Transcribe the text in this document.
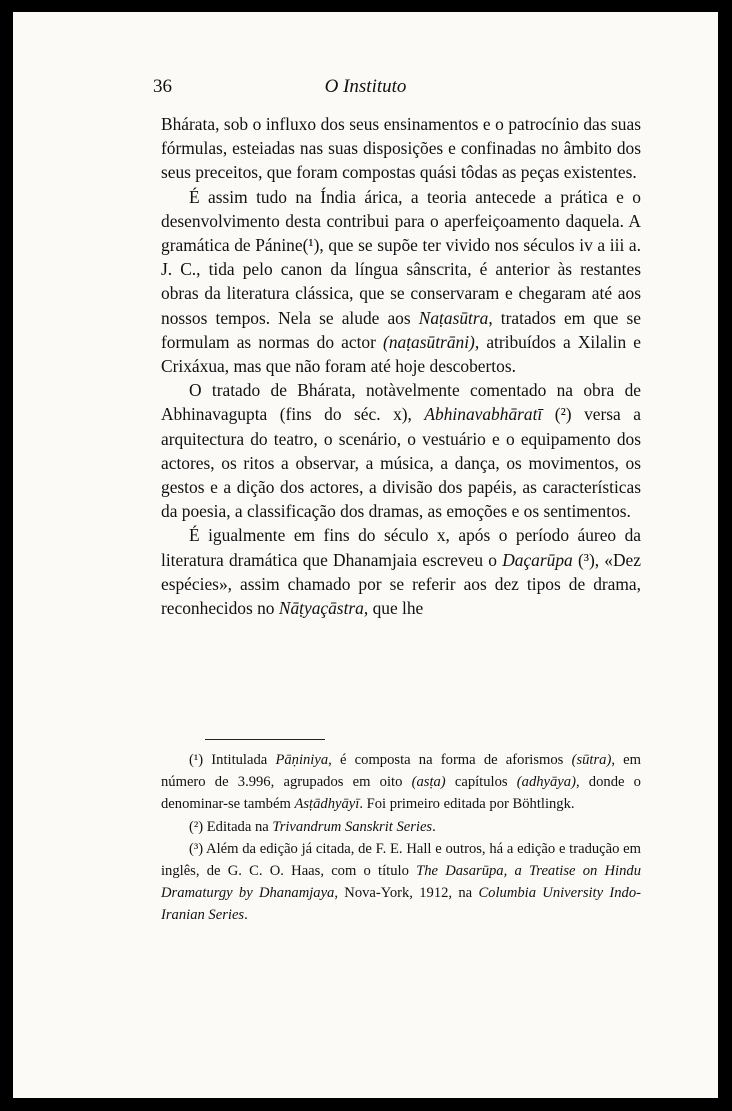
36	O Instituto

Bhárata, sob o influxo dos seus ensinamentos e o patrocínio das suas fórmulas, esteiadas nas suas disposições e confinadas no âmbito dos seus preceitos, que foram compostas quási tôdas as peças existentes.

É assim tudo na Índia árica, a teoria antecede a prática e o desenvolvimento desta contribui para o aperfeiçoamento daquela. A gramática de Pánine(¹), que se supõe ter vivido nos séculos iv a iii a. J. C., tida pelo canon da língua sânscrita, é anterior às restantes obras da literatura clássica, que se conservaram e chegaram até aos nossos tempos. Nela se alude aos Naṭasūtra, tratados em que se formulam as normas do actor (naṭasūtrāni), atribuídos a Xilalin e Crixáxua, mas que não foram até hoje descobertos.

O tratado de Bhárata, notàvelmente comentado na obra de Abhinavagupta (fins do séc. x), Abhinavabhāratī (²) versa a arquitectura do teatro, o scenário, o vestuário e o equipamento dos actores, os ritos a observar, a música, a dança, os movimentos, os gestos e a dição dos actores, a divisão dos papéis, as características da poesia, a classificação dos dramas, as emoções e os sentimentos.

É igualmente em fins do século x, após o período áureo da literatura dramática que Dhanamjaia escreveu o Daçarūpa (³), «Dez espécies», assim chamado por se referir aos dez tipos de drama, reconhecidos no Nāṭyaçāstra, que lhe

(¹) Intitulada Pāṇiniya, é composta na forma de aforismos (sūtra), em número de 3.996, agrupados em oito (asṭa) capítulos (adhyāya), donde o denominar-se também Asṭādhyāyī. Foi primeiro editada por Böhtlingk.

(²) Editada na Trivandrum Sanskrit Series.

(³) Além da edição já citada, de F. E. Hall e outros, há a edição e tradução em inglês, de G. C. O. Haas, com o título The Dasarūpa, a Treatise on Hindu Dramaturgy by Dhanamjaya, Nova-York, 1912, na Columbia University Indo-Iranian Series.
